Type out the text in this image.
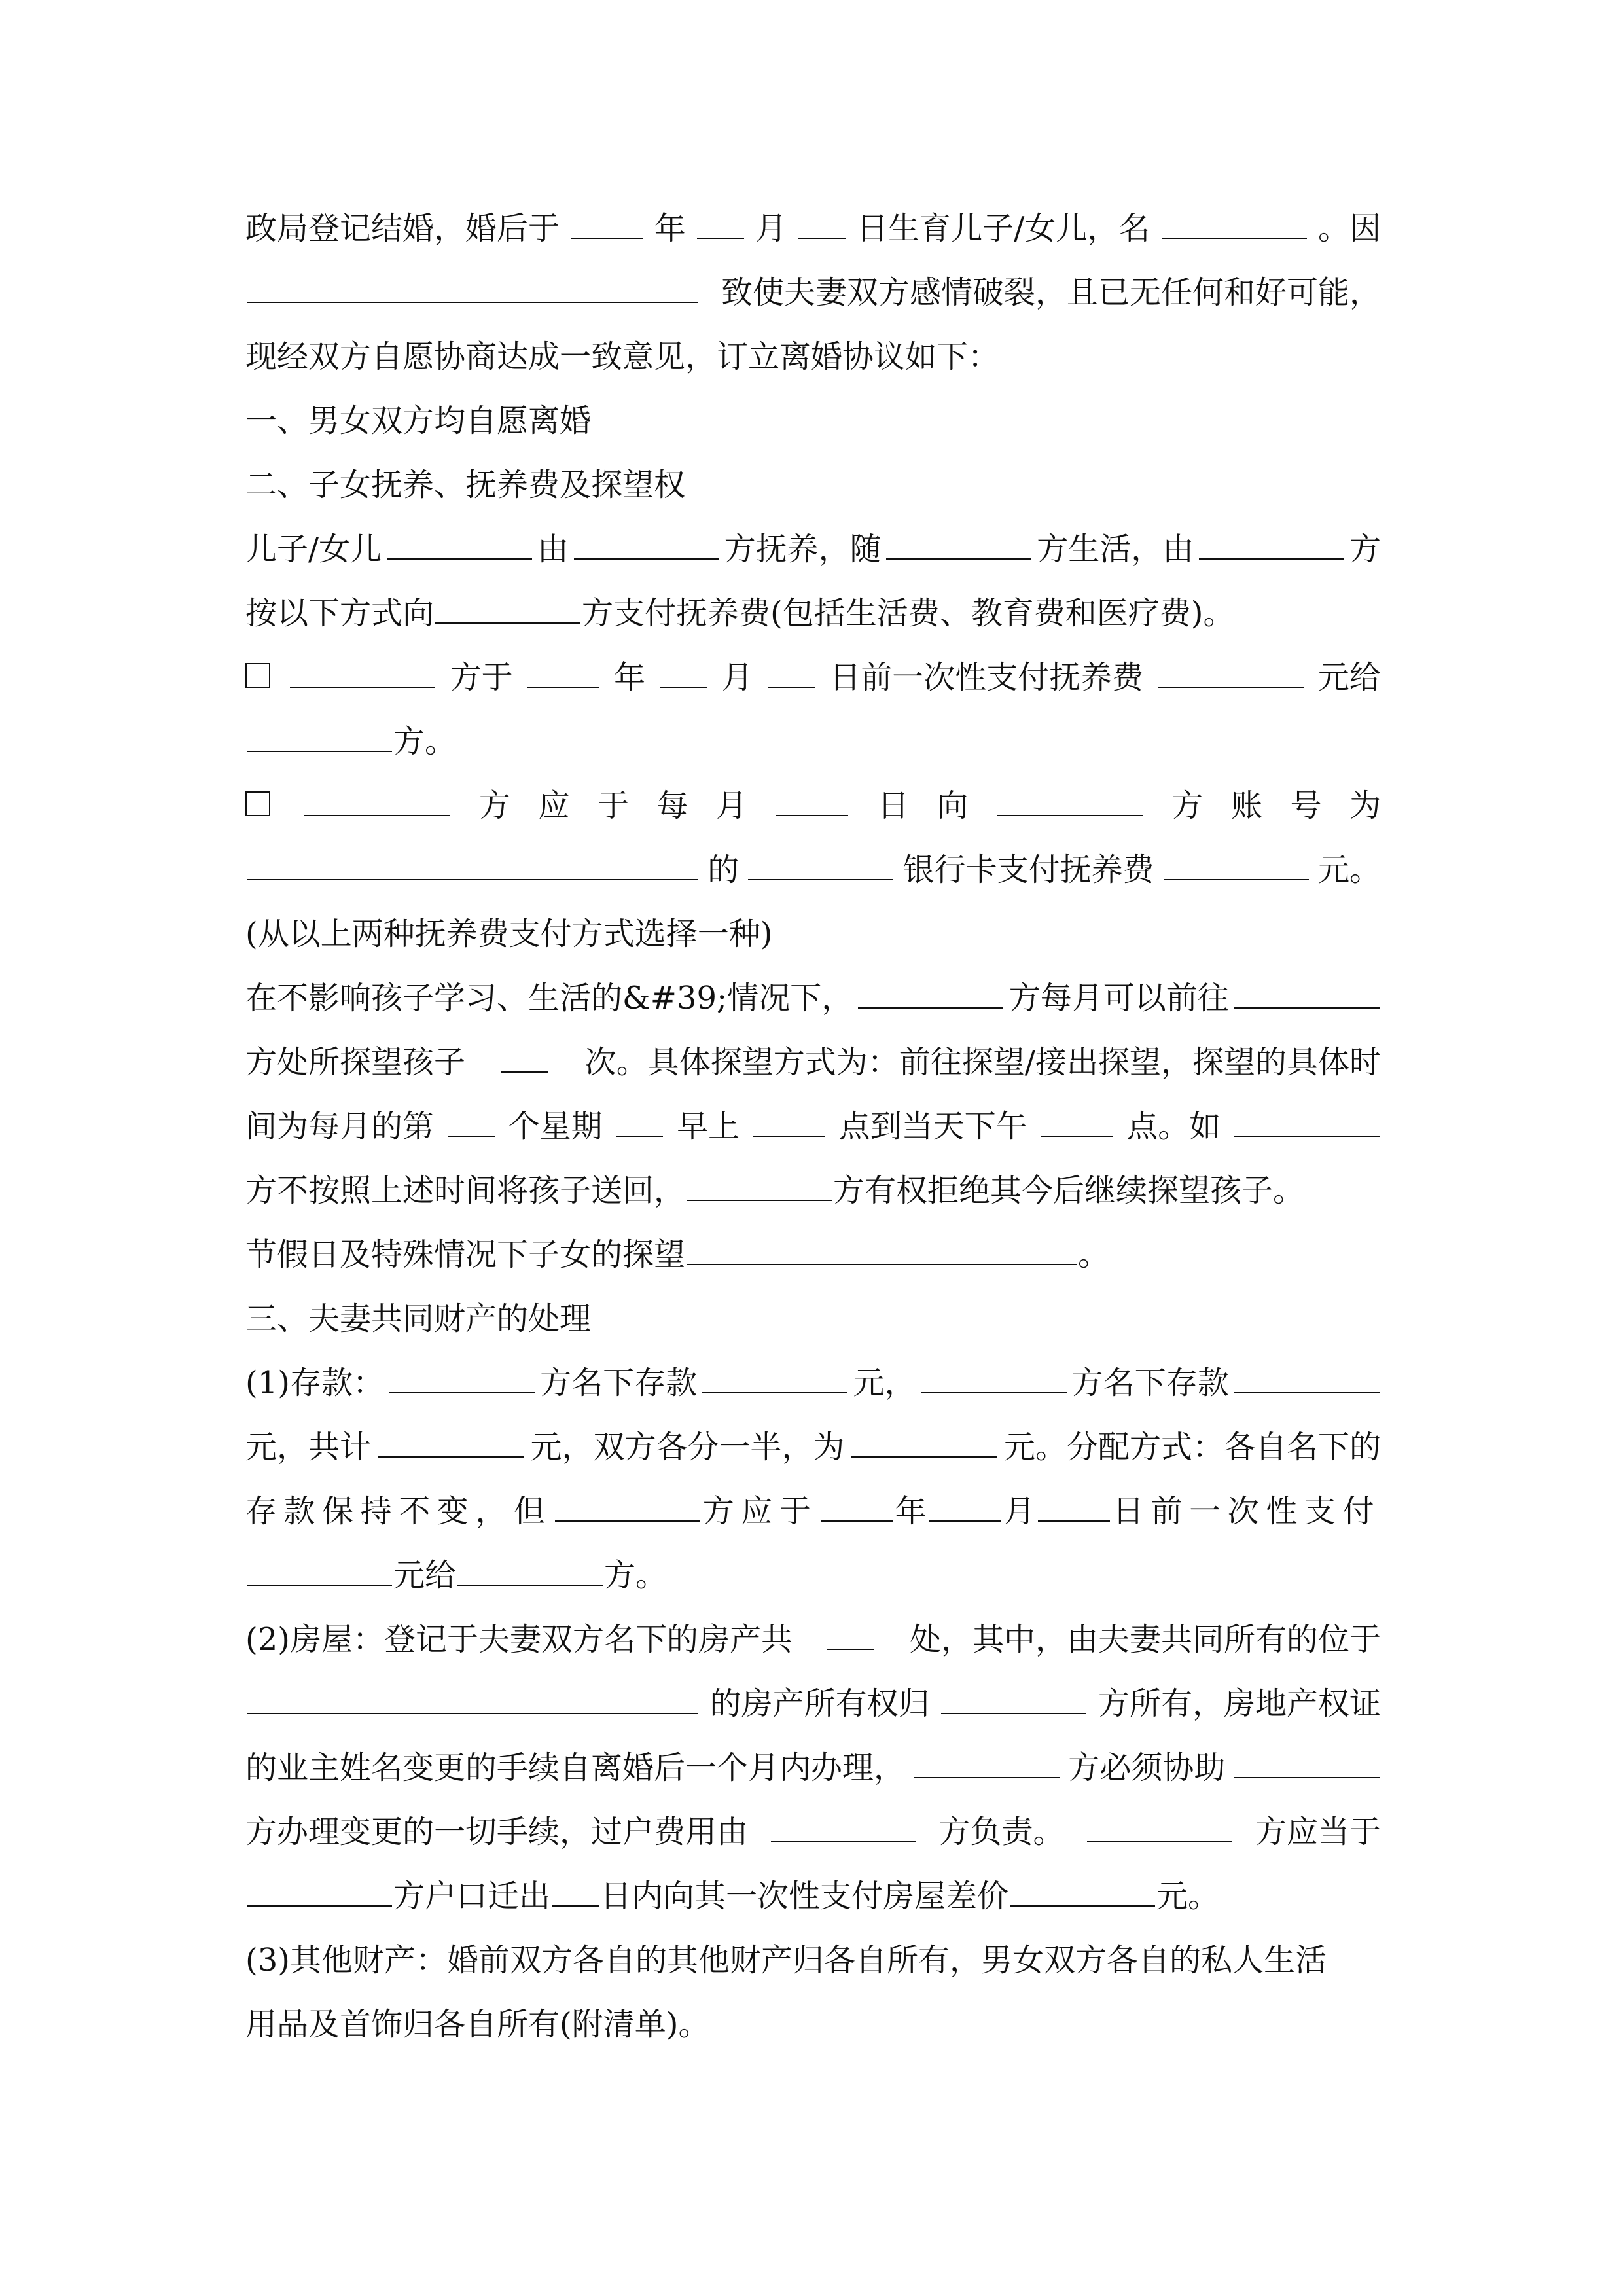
政局登记结婚，婚后于	年 月 日生育儿子/女儿，名	。因
致使夫妻双方感情破裂，且已无任何和好可能，
现经双方自愿协商达成一致意见，订立离婚协议如下：
一、男女双方均自愿离婚
二、子女抚养、抚养费及探望权
儿子/女儿	由	方抚养，随	方生活，由	方
按以下方式向	方支付抚养费(包括生活费、教育费和医疗费)。
方于	年 月 日前一次性支付抚养费	元给
方。
方 应 于 每 月	日 向	方 账 号 为
的	银行卡支付抚养费	元。
(从以上两种抚养费支付方式选择一种)
在不影响孩子学习、生活的&#39;情况下，	方每月可以前往
方处所探望孩子	次。具体探望方式为：前往探望/接出探望，探望的具体时
间为每月的第 个星期 早上	点到当天下午	点。如
方不按照上述时间将孩子送回，	方有权拒绝其今后继续探望孩子。
节假日及特殊情况下子女的探望	。
三、夫妻共同财产的处理
(1)存款：	方名下存款	元，	方名下存款
元，共计	元，双方各分一半，为	元。分配方式：各自名下的
存款保持不变，但	方应于 年 月 日前一次性支付
元给	方。
(2)房屋：登记于夫妻双方名下的房产共	处，其中，由夫妻共同所有的位于
的房产所有权归	方所有，房地产权证
的业主姓名变更的手续自离婚后一个月内办理，	方必须协助
方办理变更的一切手续，过户费用由	方负责。	方应当于
方户口迁出 日内向其一次性支付房屋差价	元。
(3)其他财产：婚前双方各自的其他财产归各自所有，男女双方各自的私人生活
用品及首饰归各自所有(附清单)。
